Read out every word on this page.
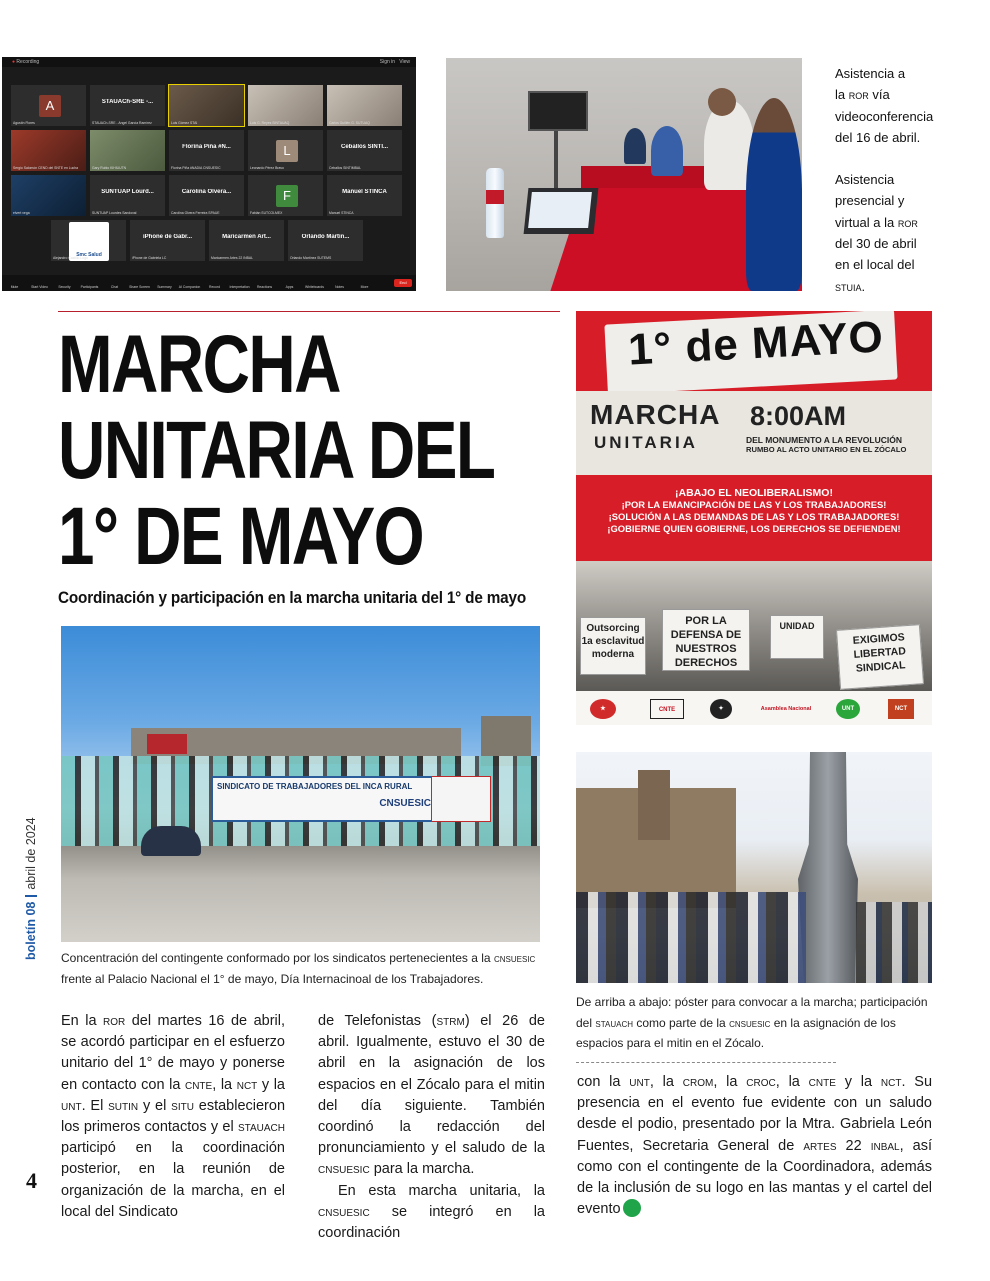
● Recording	Sign in View
A
Agustín Flores
STAUACh-SRE -...
STAUACh-SRE - Angel García Ramírez	Luis Gómez STAI	Luis G. Reyes SINTAUAQ	Carlos Guillén G. SUTUAQ
Sergio Salomón CEND del SNTE en Lucha	Gary Rubio KIHIUUTN
Florina Piña #N...
Florina Piña #NADIA CNSUESIC
L
Leonardo Pérez Bravo
Ceballos SINTI...
Ceballos SINTIMBAL
elvert vega
SUNTUAP Lourd...
SUNTUAP Lourdes Sandoval
Carolina Olvera...
Carolina Olvera Ferreira SPAUE
F
Fabián SUTCOLMEX
Manuel STINCA
Manuel STINCA
Smc Salud
Alejandro Castillo Lugo
iPhone de Gabr...
iPhone de Gabriela LC
Maricarmen Art...
Maricarmen Artes 22 INBAL
Orlando Martin...
Orlando Martínez SUTEMS
End
Mute	Start Video	Security	Participants	Chat	Share Screen Summary AI Companion	Record	Interpretation Reactions	Apps	Whiteboards	Notes	More

Asistencia a
la ror vía
videoconferencia
del 16 de abril.

Asistencia
presencial y
virtual a la ror
del 30 de abril
en el local del
stuia.

MARCHA
UNITARIA DEL
1° DE MAYO
Coordinación y participación en la marcha unitaria del 1° de mayo
1° de MAYO
MARCHA
UNITARIA
8:00AM
DEL MONUMENTO A LA REVOLUCIÓN
RUMBO AL ACTO UNITARIO EN EL ZÓCALO
¡ABAJO EL NEOLIBERALISMO!
¡POR LA EMANCIPACIÓN DE LAS Y LOS TRABAJADORES!
¡SOLUCIÓN A LAS DEMANDAS DE LAS Y LOS TRABAJADORES!
¡GOBIERNE QUIEN GOBIERNE, LOS DERECHOS SE DEFIENDEN!
Outsorcing 1a esclavitud moderna
POR LA DEFENSA DE NUESTROS DERECHOS
EXIGIMOS LIBERTAD SINDICAL
UNIDAD
★	CNTE	✦	Asamblea Nacional	UNT	NCT
SINDICATO DE TRABAJADORES DEL INCA RURAL
CNSUESIC
Concentración del contingente conformado por los sindicatos pertenecientes a la cnsuesic frente al Palacio Nacional el 1° de mayo, Día Internacinoal de los Trabajadores.
De arriba a abajo: póster para convocar a la marcha; participación del stauach como parte de la cnsuesic en la asignación de los espacios para el mitin en el Zócalo.

En la ror del martes 16 de abril, se acordó participar en el esfuerzo unitario del 1° de mayo y ponerse en contacto con la cnte, la nct y la unt. El sutin y el situ establecieron los primeros contactos y el stauach participó en la coordinación posterior, en la reunión de organización de la marcha, en el local del Sindicato

de Telefonistas (strm) el 26 de abril. Igualmente, estuvo el 30 de abril en la asignación de los espacios en el Zócalo para el mitin del día siguiente. También coordinó la redacción del pronunciamiento y el saludo de la cnsuesic para la marcha.

En esta marcha unitaria, la cnsuesic se integró en la coordinación

con la unt, la crom, la croc, la cnte y la nct. Su presencia en el evento fue evidente con un saludo desde el podio, presentado por la Mtra. Gabriela León Fuentes, Secretaria General de artes 22 inbal, así como con el contingente de la Coordinadora, además de la inclusión de su logo en las mantas y el cartel del evento

boletín 08abril de 2024
4
